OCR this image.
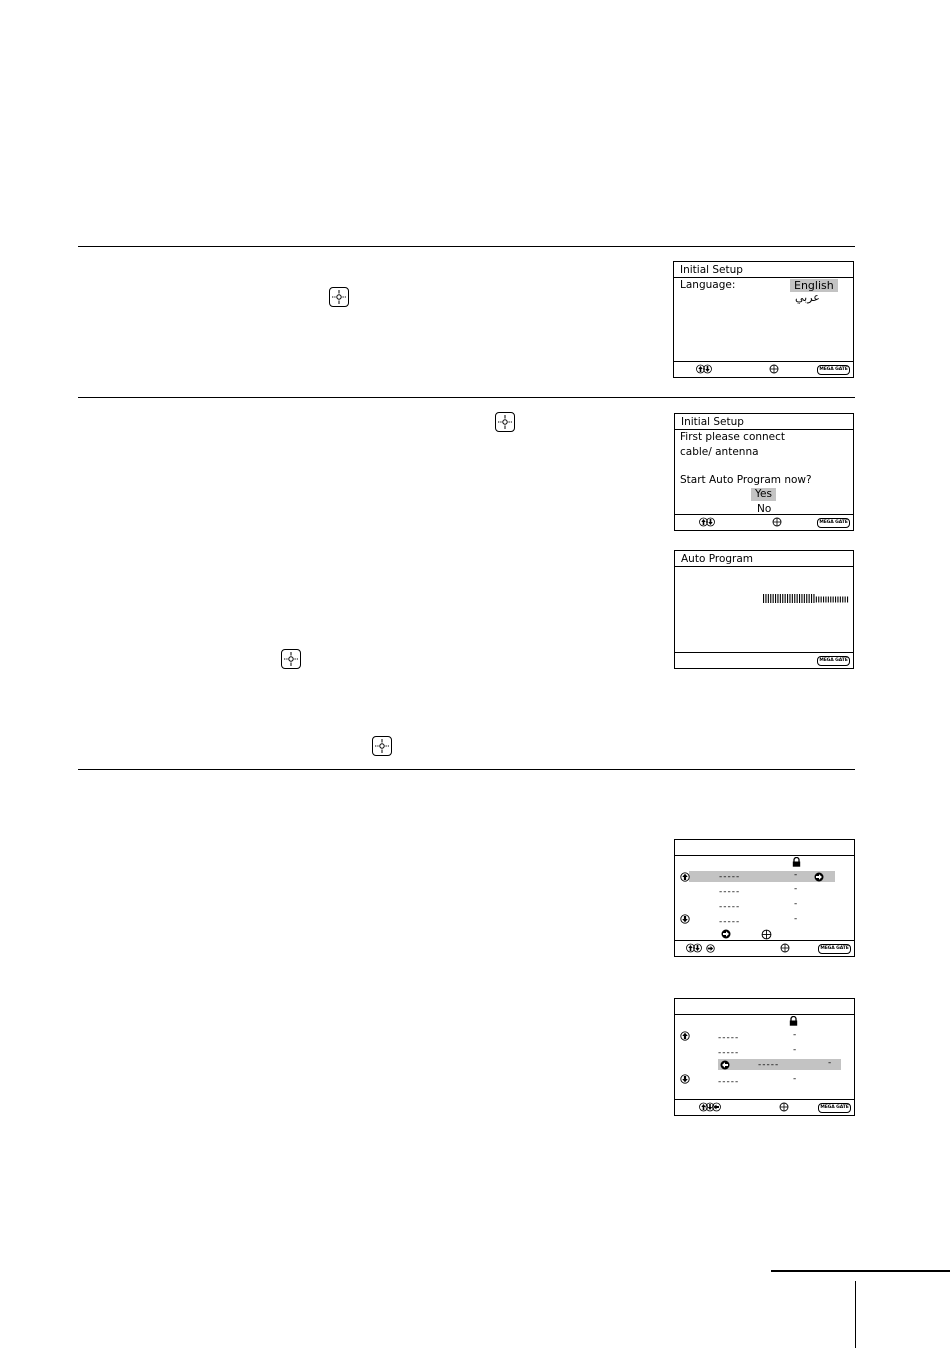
Initial Setup
Language:	English
عربي
MEGA GATE
Initial Setup
First please connect
cable/ antenna
Start Auto Program now?
Yes
No
MEGA GATE
Auto Program
MEGA GATE
-----	-
-----	-
-----	-
-----	-
MEGA GATE
-----	-
-----	-
-----	-
-----	-
MEGA GATE
